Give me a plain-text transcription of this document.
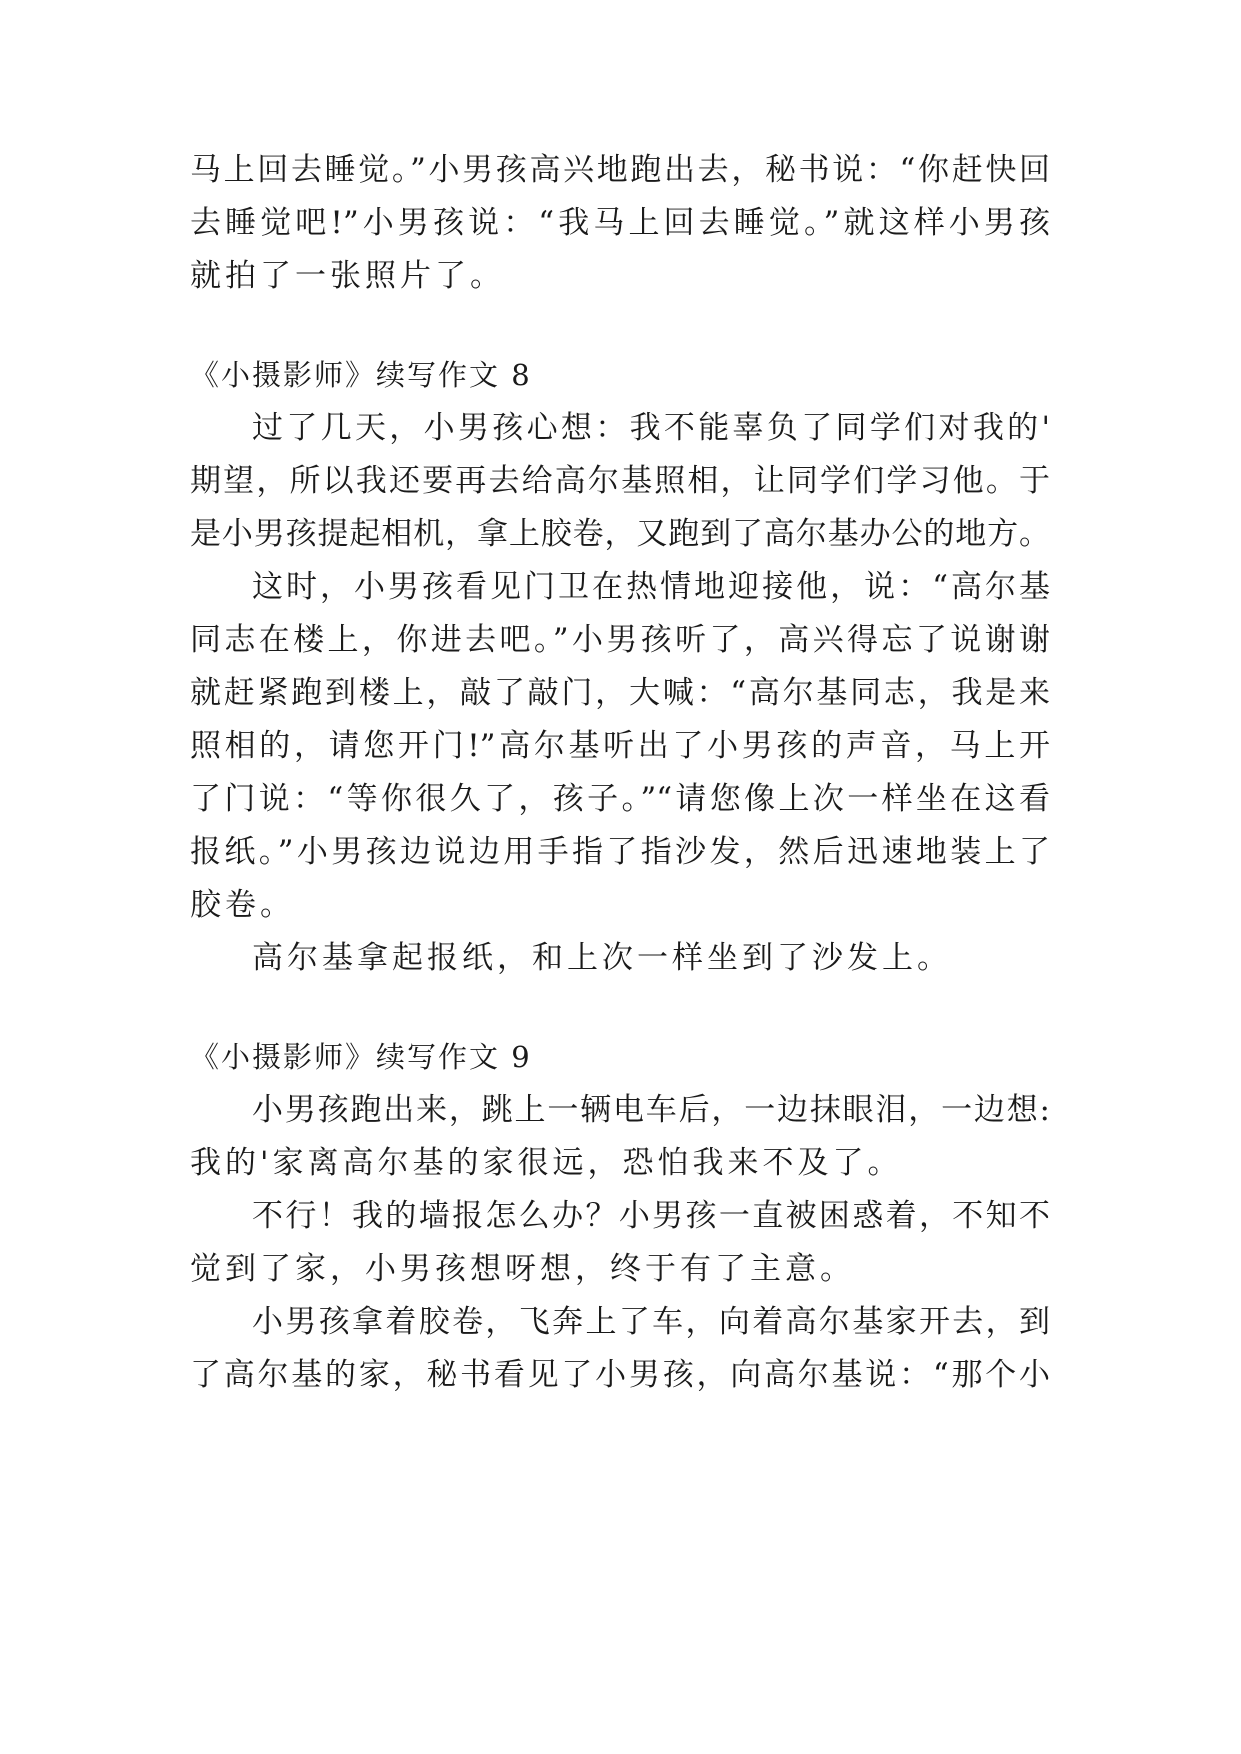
马上回去睡觉。”小男孩高兴地跑出去，秘书说：“你赶快回
去睡觉吧!”小男孩说：“我马上回去睡觉。”就这样小男孩
就拍了一张照片了。
《小摄影师》续写作文 8
过了几天，小男孩心想：我不能辜负了同学们对我的'
期望，所以我还要再去给高尔基照相，让同学们学习他。于
是小男孩提起相机，拿上胶卷，又跑到了高尔基办公的地方。
这时，小男孩看见门卫在热情地迎接他，说：“高尔基
同志在楼上，你进去吧。”小男孩听了，高兴得忘了说谢谢
就赶紧跑到楼上，敲了敲门，大喊：“高尔基同志，我是来
照相的，请您开门!”高尔基听出了小男孩的声音，马上开
了门说：“等你很久了，孩子。”“请您像上次一样坐在这看
报纸。”小男孩边说边用手指了指沙发，然后迅速地装上了
胶卷。
高尔基拿起报纸，和上次一样坐到了沙发上。
《小摄影师》续写作文 9
小男孩跑出来，跳上一辆电车后，一边抹眼泪，一边想:
我的'家离高尔基的家很远，恐怕我来不及了。
不行！我的墙报怎么办？小男孩一直被困惑着，不知不
觉到了家，小男孩想呀想，终于有了主意。
小男孩拿着胶卷，飞奔上了车，向着高尔基家开去，到
了高尔基的家，秘书看见了小男孩，向高尔基说：“那个小
